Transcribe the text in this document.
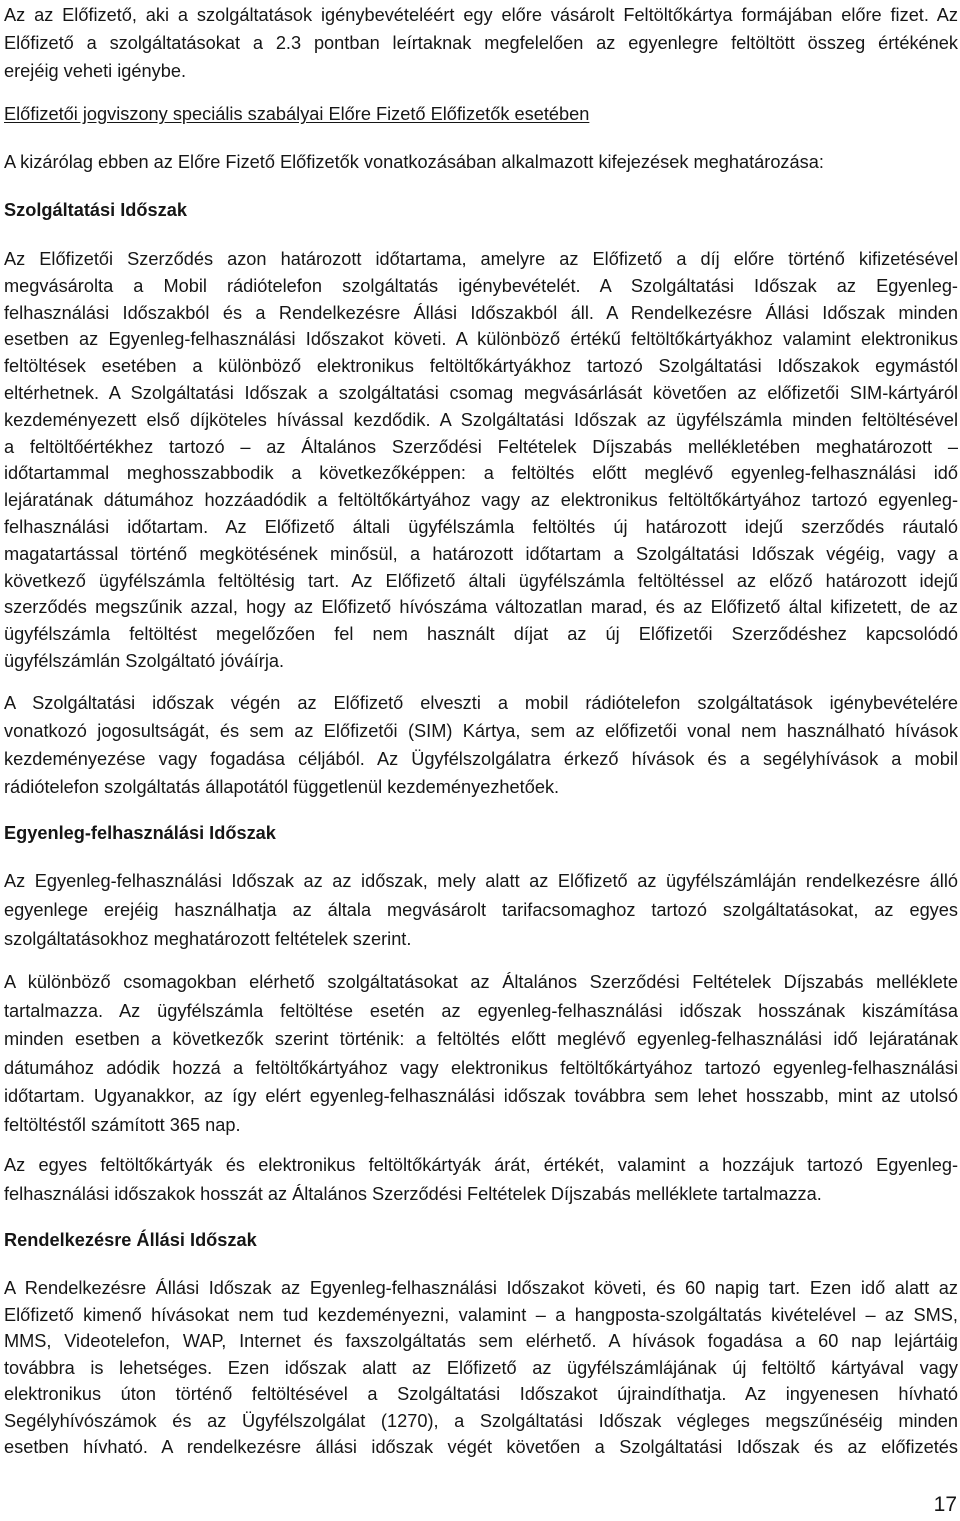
Az az Előfizető, aki a szolgáltatások igénybevételéért egy előre vásárolt Feltöltőkártya formájában előre fizet. Az
Előfizető a szolgáltatásokat a 2.3 pontban leírtaknak megfelelően az egyenlegre feltöltött összeg értékének
erejéig veheti igénybe.
Előfizetői jogviszony speciális szabályai Előre Fizető Előfizetők esetében
A kizárólag ebben az Előre Fizető Előfizetők vonatkozásában alkalmazott kifejezések meghatározása:
Szolgáltatási Időszak
Az Előfizetői Szerződés azon határozott időtartama, amelyre az Előfizető a díj előre történő kifizetésével
megvásárolta a Mobil rádiótelefon szolgáltatás igénybevételét. A Szolgáltatási Időszak az Egyenleg-
felhasználási Időszakból és a Rendelkezésre Állási Időszakból áll. A Rendelkezésre Állási Időszak minden
esetben az Egyenleg-felhasználási Időszakot követi. A különböző értékű feltöltőkártyákhoz valamint elektronikus
feltöltések esetében a különböző elektronikus feltöltőkártyákhoz tartozó Szolgáltatási Időszakok egymástól
eltérhetnek. A Szolgáltatási Időszak a szolgáltatási csomag megvásárlását követően az előfizetői SIM-kártyáról
kezdeményezett első díjköteles hívással kezdődik. A Szolgáltatási Időszak az ügyfélszámla minden feltöltésével
a feltöltőértékhez tartozó – az Általános Szerződési Feltételek Díjszabás mellékletében meghatározott –
időtartammal meghosszabbodik a következőképpen: a feltöltés előtt meglévő egyenleg-felhasználási idő
lejáratának dátumához hozzáadódik a feltöltőkártyához vagy az elektronikus feltöltőkártyához tartozó egyenleg-
felhasználási időtartam. Az Előfizető általi ügyfélszámla feltöltés új határozott idejű szerződés ráutaló
magatartással történő megkötésének minősül, a határozott időtartam a Szolgáltatási Időszak végéig, vagy a
következő ügyfélszámla feltöltésig tart. Az Előfizető általi ügyfélszámla feltöltéssel az előző határozott idejű
szerződés megszűnik azzal, hogy az Előfizető hívószáma változatlan marad, és az Előfizető által kifizetett, de az
ügyfélszámla feltöltést megelőzően fel nem használt díjat az új Előfizetői Szerződéshez kapcsolódó
ügyfélszámlán Szolgáltató jóváírja.
A Szolgáltatási időszak végén az Előfizető elveszti a mobil rádiótelefon szolgáltatások igénybevételére
vonatkozó jogosultságát, és sem az Előfizetői (SIM) Kártya, sem az előfizetői vonal nem használható hívások
kezdeményezése vagy fogadása céljából. Az Ügyfélszolgálatra érkező hívások és a segélyhívások a mobil
rádiótelefon szolgáltatás állapotától függetlenül kezdeményezhetőek.
Egyenleg-felhasználási Időszak
Az Egyenleg-felhasználási Időszak az az időszak, mely alatt az Előfizető az ügyfélszámláján rendelkezésre álló
egyenlege erejéig használhatja az általa megvásárolt tarifacsomaghoz tartozó szolgáltatásokat, az egyes
szolgáltatásokhoz meghatározott feltételek szerint.
A különböző csomagokban elérhető szolgáltatásokat az Általános Szerződési Feltételek Díjszabás melléklete
tartalmazza. Az ügyfélszámla feltöltése esetén az egyenleg-felhasználási időszak hosszának kiszámítása
minden esetben a következők szerint történik: a feltöltés előtt meglévő egyenleg-felhasználási idő lejáratának
dátumához adódik hozzá a feltöltőkártyához vagy elektronikus feltöltőkártyához tartozó egyenleg-felhasználási
időtartam. Ugyanakkor, az így elért egyenleg-felhasználási időszak továbbra sem lehet hosszabb, mint az utolsó
feltöltéstől számított 365 nap.
Az egyes feltöltőkártyák és elektronikus feltöltőkártyák árát, értékét, valamint a hozzájuk tartozó Egyenleg-
felhasználási időszakok hosszát az Általános Szerződési Feltételek Díjszabás melléklete tartalmazza.
Rendelkezésre Állási Időszak
A Rendelkezésre Állási Időszak az Egyenleg-felhasználási Időszakot követi, és 60 napig tart. Ezen idő alatt az
Előfizető kimenő hívásokat nem tud kezdeményezni, valamint – a hangposta-szolgáltatás kivételével – az SMS,
MMS, Videotelefon, WAP, Internet és faxszolgáltatás sem elérhető. A hívások fogadása a 60 nap lejártáig
továbbra is lehetséges. Ezen időszak alatt az Előfizető az ügyfélszámlájának új feltöltő kártyával vagy
elektronikus úton történő feltöltésével a Szolgáltatási Időszakot újraindíthatja. Az ingyenesen hívható
Segélyhívószámok és az Ügyfélszolgálat (1270), a Szolgáltatási Időszak végleges megszűnéséig minden
esetben hívható. A rendelkezésre állási időszak végét követően a Szolgáltatási Időszak és az előfizetés
17
